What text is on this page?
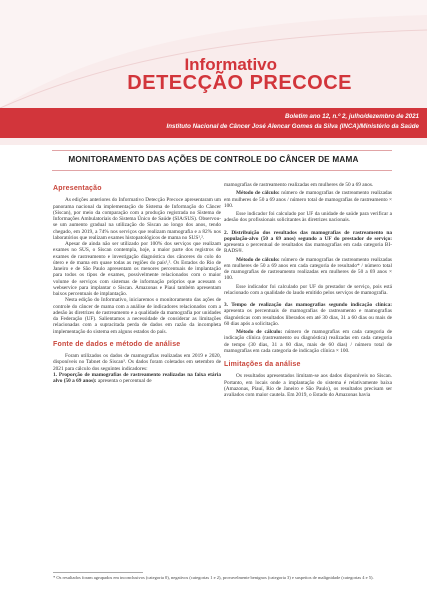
Informativo
DETECÇÃO PRECOCE
Boletim ano 12, n.º 2, julho/dezembro de 2021
Instituto Nacional de Câncer José Alencar Gomes da Silva (INCA)/Ministério da Saúde
MONITORAMENTO DAS AÇÕES DE CONTROLE DO CÂNCER DE MAMA
Apresentação

As edições anteriores do Informativo Detecção Precoce apresentaram um panorama nacional da implementação do Sistema de Informação do Câncer (Siscan), por meio da comparação com a produção registrada no Sistema de Informações Ambulatoriais do Sistema Único de Saúde (SIA/SUS). Observou-se um aumento gradual na utilização do Siscan ao longo dos anos, tendo chegado, em 2019, a 74% nos serviços que realizam mamografia e a 82% nos laboratórios que realizam exames histopatológicos de mama no SUS¹,².

Apesar de ainda não ser utilizado por 100% dos serviços que realizam exames no SUS, o Siscan contempla, hoje, a maior parte dos registros de exames de rastreamento e investigação diagnóstica dos cânceres do colo do útero e de mama em quase todas as regiões do país¹,². Os Estados do Rio de Janeiro e de São Paulo apresentam os menores percentuais de implantação para todos os tipos de exames, possivelmente relacionados com o maior volume de serviços com sistemas de informação próprios que acessam o webservice para implantar o Siscan. Amazonas e Piauí também apresentam baixos percentuais de implantação.

Nesta edição do Informativo, iniciaremos o monitoramento das ações de controle do câncer de mama com a análise de indicadores relacionados com a adesão às diretrizes de rastreamento e a qualidade da mamografia por unidades da Federação (UF). Salientamos a necessidade de considerar as limitações relacionadas com a supracitada perda de dados em razão da incompleta implementação do sistema em alguns estados do país.

Fonte de dados e método de análise

Foram utilizados os dados de mamografias realizadas em 2019 e 2020, disponíveis no Tabnet do Siscan³. Os dados foram coletados em setembro de 2021 para cálculo dos seguintes indicadores:

1. Proporção de mamografias de rastreamento realizadas na faixa etária alvo (50 a 69 anos): apresenta o percentual de

mamografias de rastreamento realizadas em mulheres de 50 a 69 anos.

Método de cálculo: número de mamografias de rastreamento realizadas em mulheres de 50 a 69 anos / número total de mamografias de rastreamento × 100.

Esse indicador foi calculado por UF da unidade de saúde para verificar a adesão dos profissionais solicitantes às diretrizes nacionais.

2. Distribuição dos resultados das mamografias de rastreamento na população-alvo (50 a 69 anos) segundo a UF do prestador de serviço: apresenta o percentual de resultados das mamografias em cada categoria BI-RADS®.

Método de cálculo: número de mamografias de rastreamento realizadas em mulheres de 50 a 69 anos em cada categoria de resultado* / número total de mamografias de rastreamento realizadas em mulheres de 50 a 69 anos × 100.

Esse indicador foi calculado por UF do prestador de serviço, pois está relacionado com a qualidade do laudo emitido pelos serviços de mamografia.

3. Tempo de realização das mamografias segundo indicação clínica: apresenta os percentuais de mamografias de rastreamento e mamografias diagnósticas com resultados liberados em até 30 dias, 31 a 60 dias ou mais de 60 dias após a solicitação.

Método de cálculo: número de mamografias em cada categoria de indicação clínica (rastreamento ou diagnóstica) realizadas em cada categoria de tempo (30 dias, 31 a 60 dias, mais de 60 dias) / número total de mamografias em cada categoria de indicação clínica × 100.

Limitações da análise

Os resultados apresentados limitam-se aos dados disponíveis no Siscan. Portanto, em locais onde a implantação do sistema é relativamente baixa (Amazonas, Piauí, Rio de Janeiro e São Paulo), os resultados precisam ser avaliados com maior cautela. Em 2019, o Estado do Amazonas havia

* Os resultados foram agrupados em inconclusivos (categoria 0), negativos (categorias 1 e 2), provavelmente benignos (categoria 3) e suspeitos de malignidade (categorias 4 e 5).
